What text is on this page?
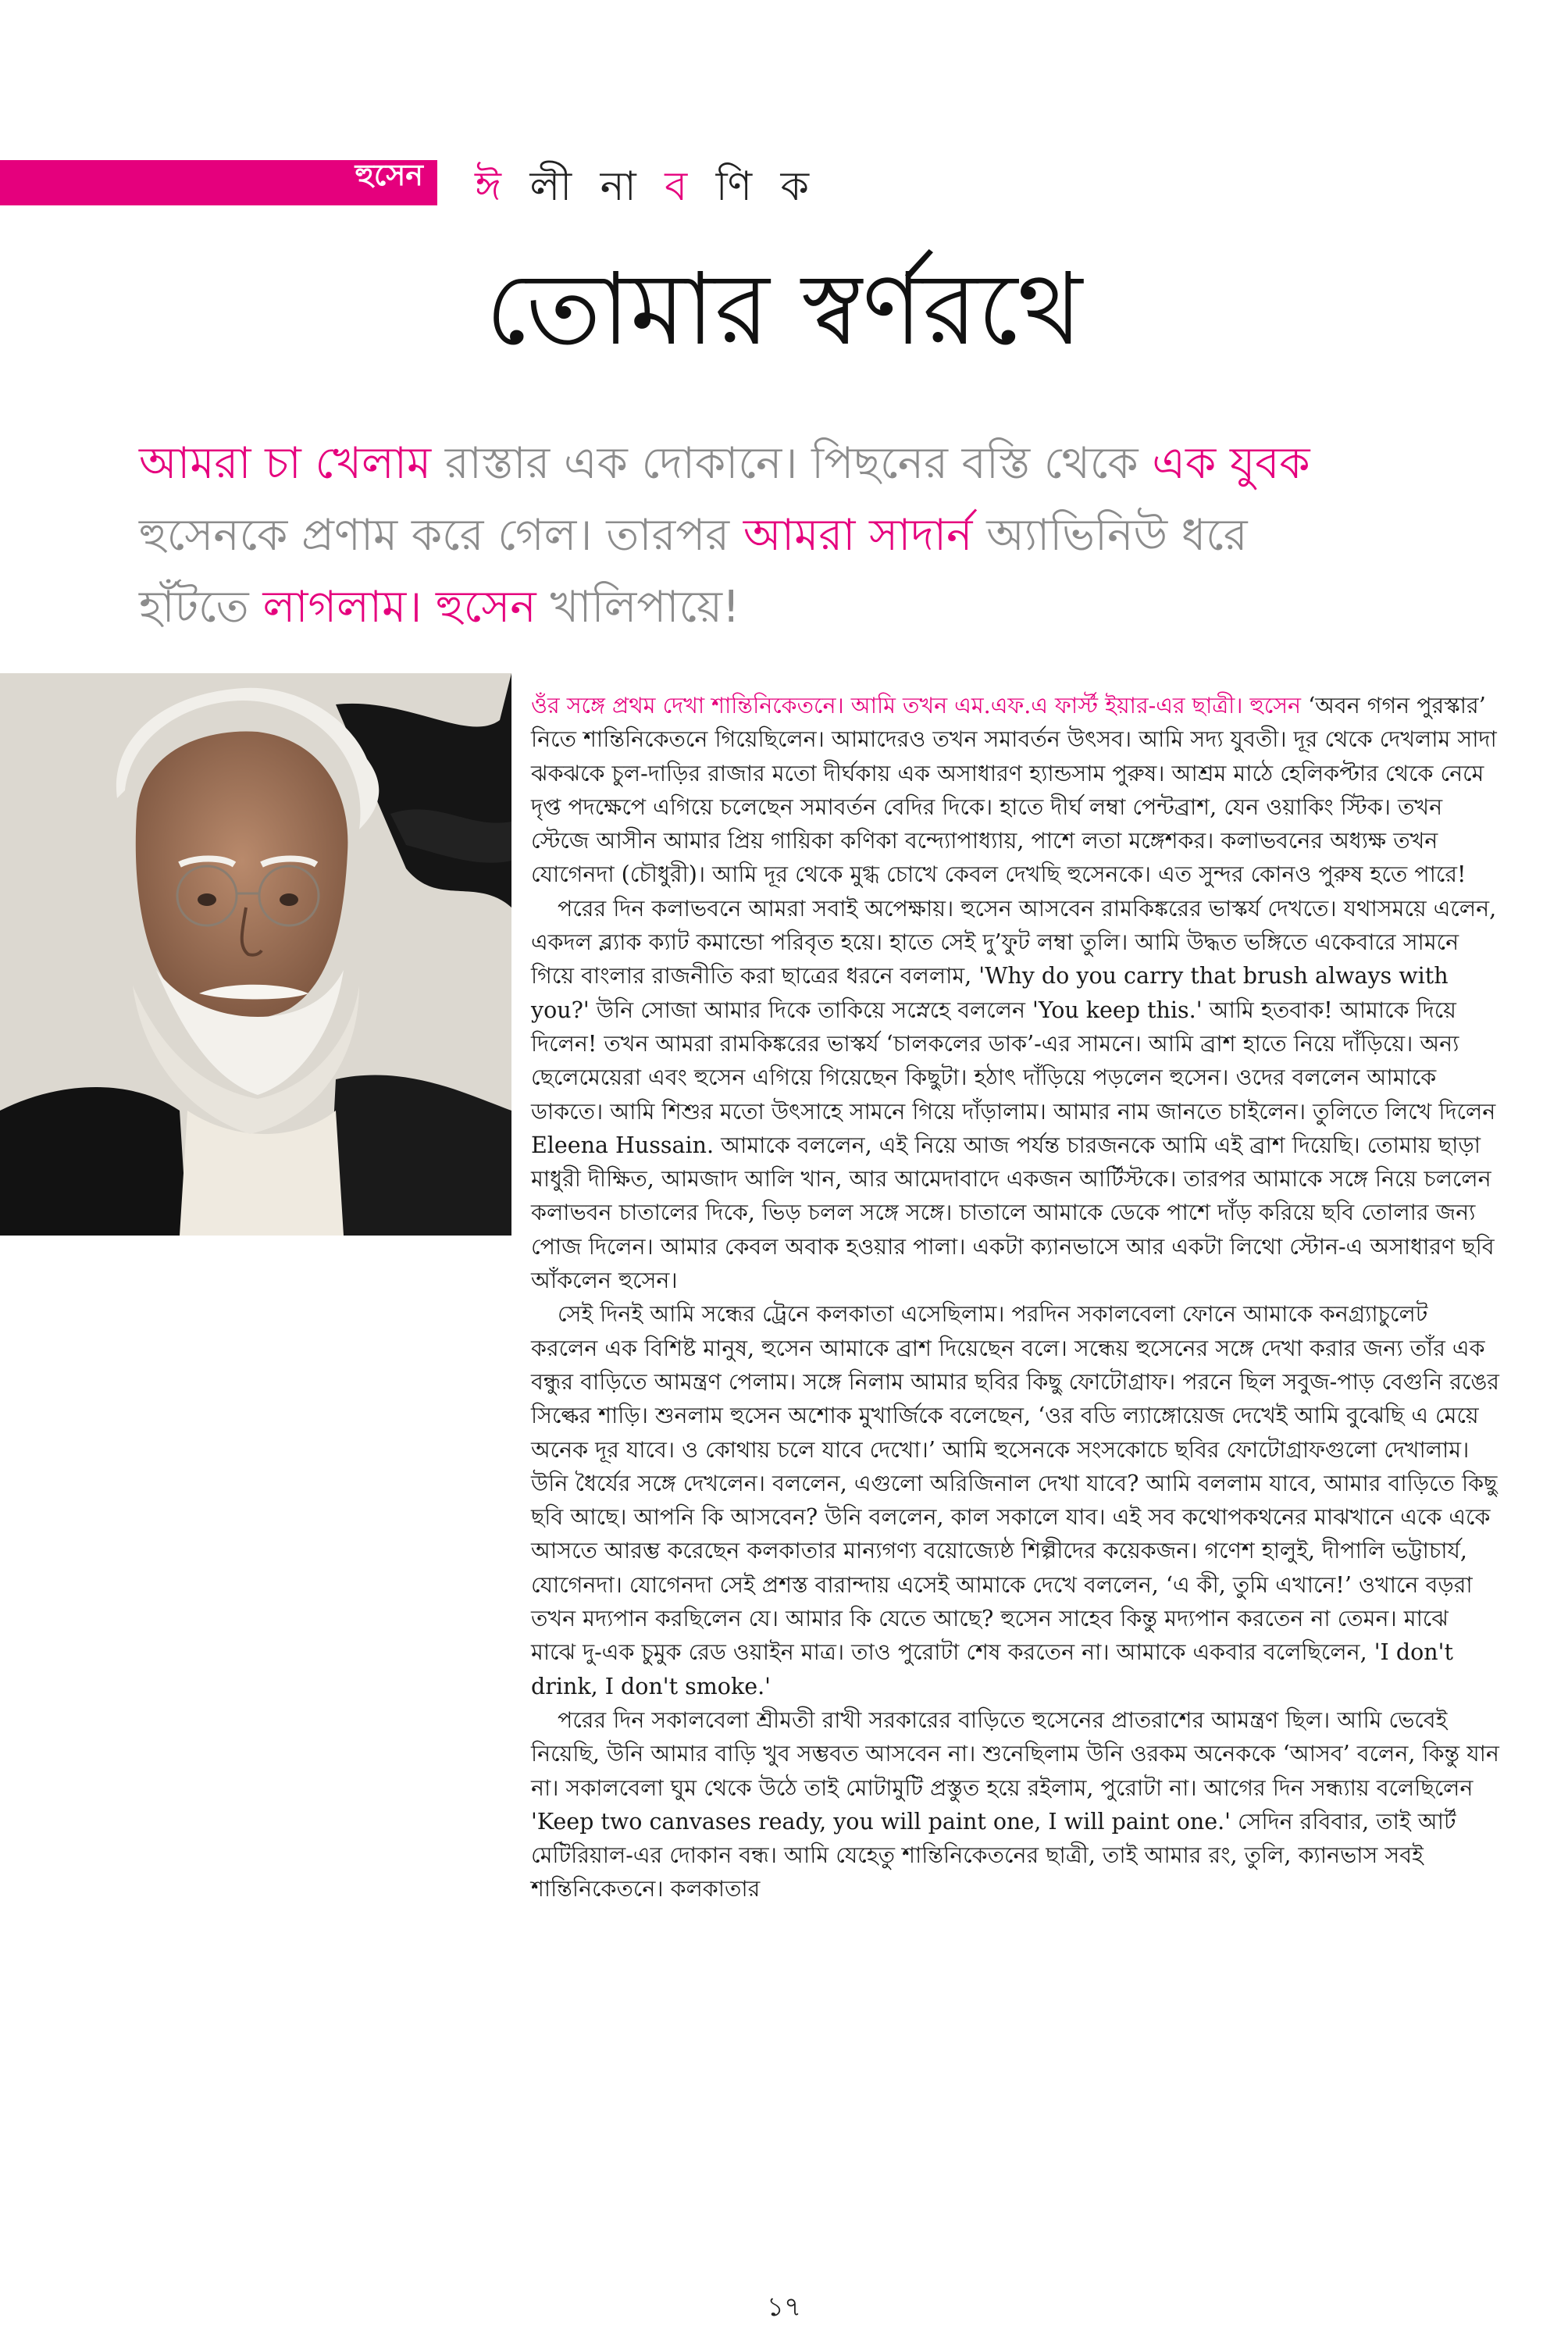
হুসেন ঈ লী না ব ণি ক
তোমার স্বর্ণরথে
আমরা চা খেলাম রাস্তার এক দোকানে। পিছনের বস্তি থেকে এক যুবক হুসেনকে প্রণাম করে গেল। তারপর আমরা সাদার্ন অ্যাভিনিউ ধরে হাঁটতে লাগলাম। হুসেন খালিপায়ে!

ওঁর সঙ্গে প্রথম দেখা শান্তিনিকেতনে। আমি তখন এম.এফ.এ ফার্স্ট ইয়ার-এর ছাত্রী। হুসেন ‘অবন গগন পুরস্কার’ নিতে শান্তিনিকেতনে গিয়েছিলেন। আমাদেরও তখন সমাবর্তন উৎসব। আমি সদ্য যুবতী। দূর থেকে দেখলাম সাদা ঝকঝকে চুল-দাড়ির রাজার মতো দীর্ঘকায় এক অসাধারণ হ্যান্ডসাম পুরুষ। আশ্রম মাঠে হেলিকপ্টার থেকে নেমে দৃপ্ত পদক্ষেপে এগিয়ে চলেছেন সমাবর্তন বেদির দিকে। হাতে দীর্ঘ লম্বা পেন্টব্রাশ, যেন ওয়াকিং স্টিক। তখন স্টেজে আসীন আমার প্রিয় গায়িকা কণিকা বন্দ্যোপাধ্যায়, পাশে লতা মঙ্গেশকর। কলাভবনের অধ্যক্ষ তখন যোগেনদা (চৌধুরী)। আমি দূর থেকে মুগ্ধ চোখে কেবল দেখছি হুসেনকে। এত সুন্দর কোনও পুরুষ হতে পারে!

পরের দিন কলাভবনে আমরা সবাই অপেক্ষায়। হুসেন আসবেন রামকিঙ্করের ভাস্কর্য দেখতে। যথাসময়ে এলেন, একদল ব্ল্যাক ক্যাট কমান্ডো পরিবৃত হয়ে। হাতে সেই দু’ফুট লম্বা তুলি। আমি উদ্ধত ভঙ্গিতে একেবারে সামনে গিয়ে বাংলার রাজনীতি করা ছাত্রের ধরনে বললাম, 'Why do you carry that brush always with you?' উনি সোজা আমার দিকে তাকিয়ে সস্নেহে বললেন 'You keep this.' আমি হতবাক! আমাকে দিয়ে দিলেন! তখন আমরা রামকিঙ্করের ভাস্কর্য ‘চালকলের ডাক’-এর সামনে। আমি ব্রাশ হাতে নিয়ে দাঁড়িয়ে। অন্য ছেলেমেয়েরা এবং হুসেন এগিয়ে গিয়েছেন কিছুটা। হঠাৎ দাঁড়িয়ে পড়লেন হুসেন। ওদের বললেন আমাকে ডাকতে। আমি শিশুর মতো উৎসাহে সামনে গিয়ে দাঁড়ালাম। আমার নাম জানতে চাইলেন। তুলিতে লিখে দিলেন Eleena Hussain. আমাকে বললেন, এই নিয়ে আজ পর্যন্ত চারজনকে আমি এই ব্রাশ দিয়েছি। তোমায় ছাড়া মাধুরী দীক্ষিত, আমজাদ আলি খান, আর আমেদাবাদে একজন আর্টিস্টকে। তারপর আমাকে সঙ্গে নিয়ে চললেন কলাভবন চাতালের দিকে, ভিড় চলল সঙ্গে সঙ্গে। চাতালে আমাকে ডেকে পাশে দাঁড় করিয়ে ছবি তোলার জন্য পোজ দিলেন। আমার কেবল অবাক হওয়ার পালা। একটা ক্যানভাসে আর একটা লিথো স্টোন-এ অসাধারণ ছবি আঁকলেন হুসেন।

সেই দিনই আমি সন্ধের ট্রেনে কলকাতা এসেছিলাম। পরদিন সকালবেলা ফোনে আমাকে কনগ্র্যাচুলেট করলেন এক বিশিষ্ট মানুষ, হুসেন আমাকে ব্রাশ দিয়েছেন বলে। সন্ধেয় হুসেনের সঙ্গে দেখা করার জন্য তাঁর এক বন্ধুর বাড়িতে আমন্ত্রণ পেলাম। সঙ্গে নিলাম আমার ছবির কিছু ফোটোগ্রাফ। পরনে ছিল সবুজ-পাড় বেগুনি রঙের সিল্কের শাড়ি। শুনলাম হুসেন অশোক মুখার্জিকে বলেছেন, ‘ওর বডি ল্যাঙ্গোয়েজ দেখেই আমি বুঝেছি এ মেয়ে অনেক দূর যাবে। ও কোথায় চলে যাবে দেখো।’ আমি হুসেনকে সংসকোচে ছবির ফোটোগ্রাফগুলো দেখালাম। উনি ধৈর্যের সঙ্গে দেখলেন। বললেন, এগুলো অরিজিনাল দেখা যাবে? আমি বললাম যাবে, আমার বাড়িতে কিছু ছবি আছে। আপনি কি আসবেন? উনি বললেন, কাল সকালে যাব। এই সব কথোপকথনের মাঝখানে একে একে আসতে আরম্ভ করেছেন কলকাতার মান্যগণ্য বয়োজ্যেষ্ঠ শিল্পীদের কয়েকজন। গণেশ হালুই, দীপালি ভট্টাচার্য, যোগেনদা। যোগেনদা সেই প্রশস্ত বারান্দায় এসেই আমাকে দেখে বললেন, ‘এ কী, তুমি এখানে!’ ওখানে বড়রা তখন মদ্যপান করছিলেন যে। আমার কি যেতে আছে? হুসেন সাহেব কিন্তু মদ্যপান করতেন না তেমন। মাঝে মাঝে দু-এক চুমুক রেড ওয়াইন মাত্র। তাও পুরোটা শেষ করতেন না। আমাকে একবার বলেছিলেন, 'I don't drink, I don't smoke.'

পরের দিন সকালবেলা শ্রীমতী রাখী সরকারের বাড়িতে হুসেনের প্রাতরাশের আমন্ত্রণ ছিল। আমি ভেবেই নিয়েছি, উনি আমার বাড়ি খুব সম্ভবত আসবেন না। শুনেছিলাম উনি ওরকম অনেককে ‘আসব’ বলেন, কিন্তু যান না। সকালবেলা ঘুম থেকে উঠে তাই মোটামুটি প্রস্তুত হয়ে রইলাম, পুরোটা না। আগের দিন সন্ধ্যায় বলেছিলেন 'Keep two canvases ready, you will paint one, I will paint one.' সেদিন রবিবার, তাই আর্ট মেটিরিয়াল-এর দোকান বন্ধ। আমি যেহেতু শান্তিনিকেতনের ছাত্রী, তাই আমার রং, তুলি, ক্যানভাস সবই শান্তিনিকেতনে। কলকাতার

১৭
